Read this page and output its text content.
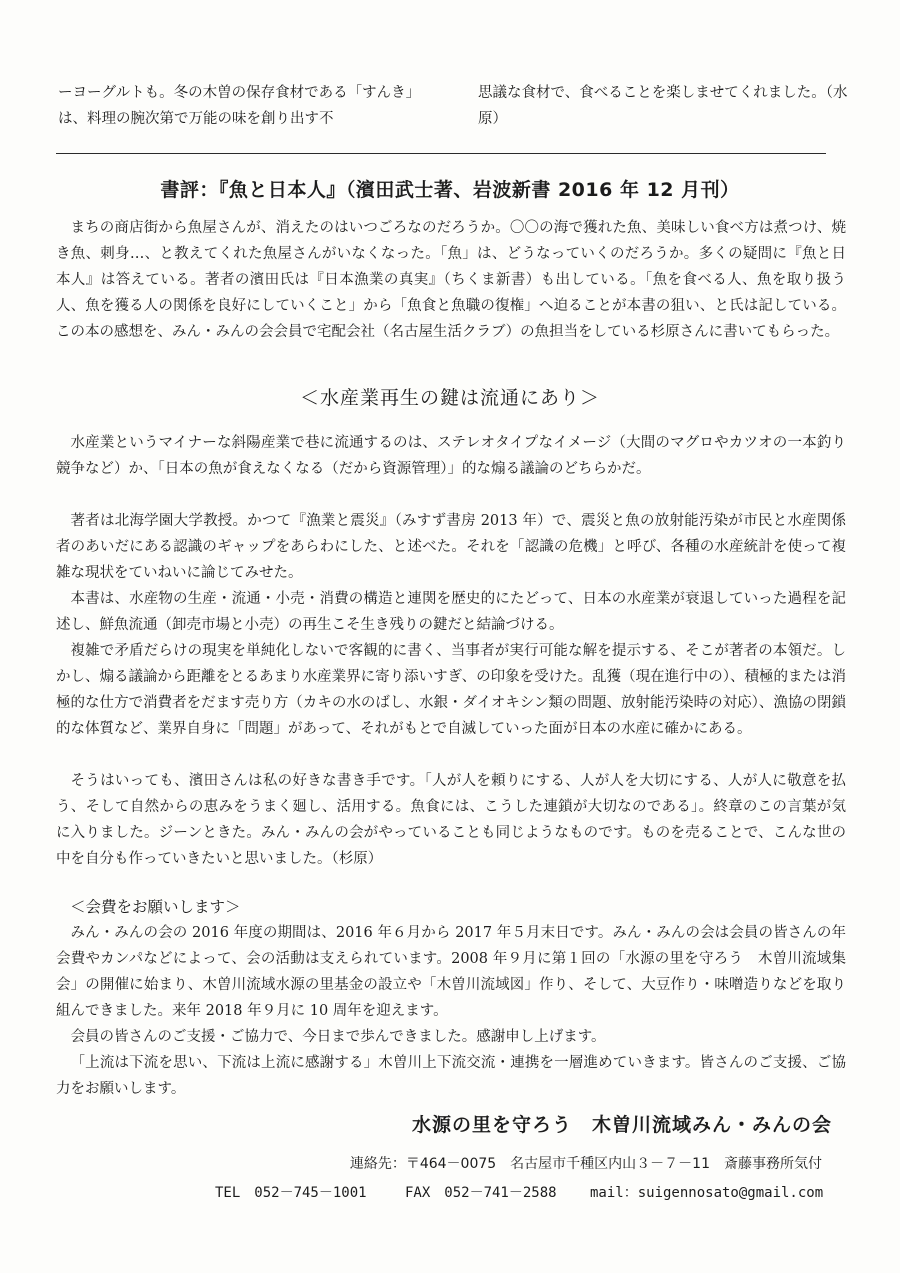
ーヨーグルトも。冬の木曽の保存食材である「すんき」は、料理の腕次第で万能の味を創り出す不
思議な食材で、食べることを楽しませてくれました。（水原）
書評：『魚と日本人』（濱田武士著、岩波新書 2016 年 12 月刊）

まちの商店街から魚屋さんが、消えたのはいつごろなのだろうか。〇〇の海で獲れた魚、美味しい食べ方は煮つけ、焼き魚、刺身…、と教えてくれた魚屋さんがいなくなった。「魚」は、どうなっていくのだろうか。多くの疑問に『魚と日本人』は答えている。著者の濱田氏は『日本漁業の真実』（ちくま新書）も出している。「魚を食べる人、魚を取り扱う人、魚を獲る人の関係を良好にしていくこと」から「魚食と魚職の復権」へ迫ることが本書の狙い、と氏は記している。この本の感想を、みん・みんの会会員で宅配会社（名古屋生活クラブ）の魚担当をしている杉原さんに書いてもらった。

＜水産業再生の鍵は流通にあり＞

水産業というマイナーな斜陽産業で巷に流通するのは、ステレオタイプなイメージ（大間のマグロやカツオの一本釣り競争など）か、「日本の魚が食えなくなる（だから資源管理）」的な煽る議論のどちらかだ。

著者は北海学園大学教授。かつて『漁業と震災』（みすず書房 2013 年）で、震災と魚の放射能汚染が市民と水産関係者のあいだにある認識のギャップをあらわにした、と述べた。それを「認識の危機」と呼び、各種の水産統計を使って複雑な現状をていねいに論じてみせた。

本書は、水産物の生産・流通・小売・消費の構造と連関を歴史的にたどって、日本の水産業が衰退していった過程を記述し、鮮魚流通（卸売市場と小売）の再生こそ生き残りの鍵だと結論づける。

複雑で矛盾だらけの現実を単純化しないで客観的に書く、当事者が実行可能な解を提示する、そこが著者の本領だ。しかし、煽る議論から距離をとるあまり水産業界に寄り添いすぎ、の印象を受けた。乱獲（現在進行中の）、積極的または消極的な仕方で消費者をだます売り方（カキの水のばし、水銀・ダイオキシン類の問題、放射能汚染時の対応）、漁協の閉鎖的な体質など、業界自身に「問題」があって、それがもとで自滅していった面が日本の水産に確かにある。

そうはいっても、濱田さんは私の好きな書き手です。「人が人を頼りにする、人が人を大切にする、人が人に敬意を払う、そして自然からの恵みをうまく廻し、活用する。魚食には、こうした連鎖が大切なのである」。終章のこの言葉が気に入りました。ジーンときた。みん・みんの会がやっていることも同じようなものです。ものを売ることで、こんな世の中を自分も作っていきたいと思いました。（杉原）

＜会費をお願いします＞

みん・みんの会の 2016 年度の期間は、2016 年６月から 2017 年５月末日です。みん・みんの会は会員の皆さんの年会費やカンパなどによって、会の活動は支えられています。2008 年９月に第１回の「水源の里を守ろう　木曽川流域集会」の開催に始まり、木曽川流域水源の里基金の設立や「木曽川流域図」作り、そして、大豆作り・味噌造りなどを取り組んできました。来年 2018 年９月に 10 周年を迎えます。

会員の皆さんのご支援・ご協力で、今日まで歩んできました。感謝申し上げます。

「上流は下流を思い、下流は上流に感謝する」木曽川上下流交流・連携を一層進めていきます。皆さんのご支援、ご協力をお願いします。

水源の里を守ろう　木曽川流域みん・みんの会
連絡先：〒464－0075　名古屋市千種区内山３－７－11　斎藤事務所気付
TEL　052－745－1001	FAX　052－741－2588 mail：suigennosato@gmail.com
